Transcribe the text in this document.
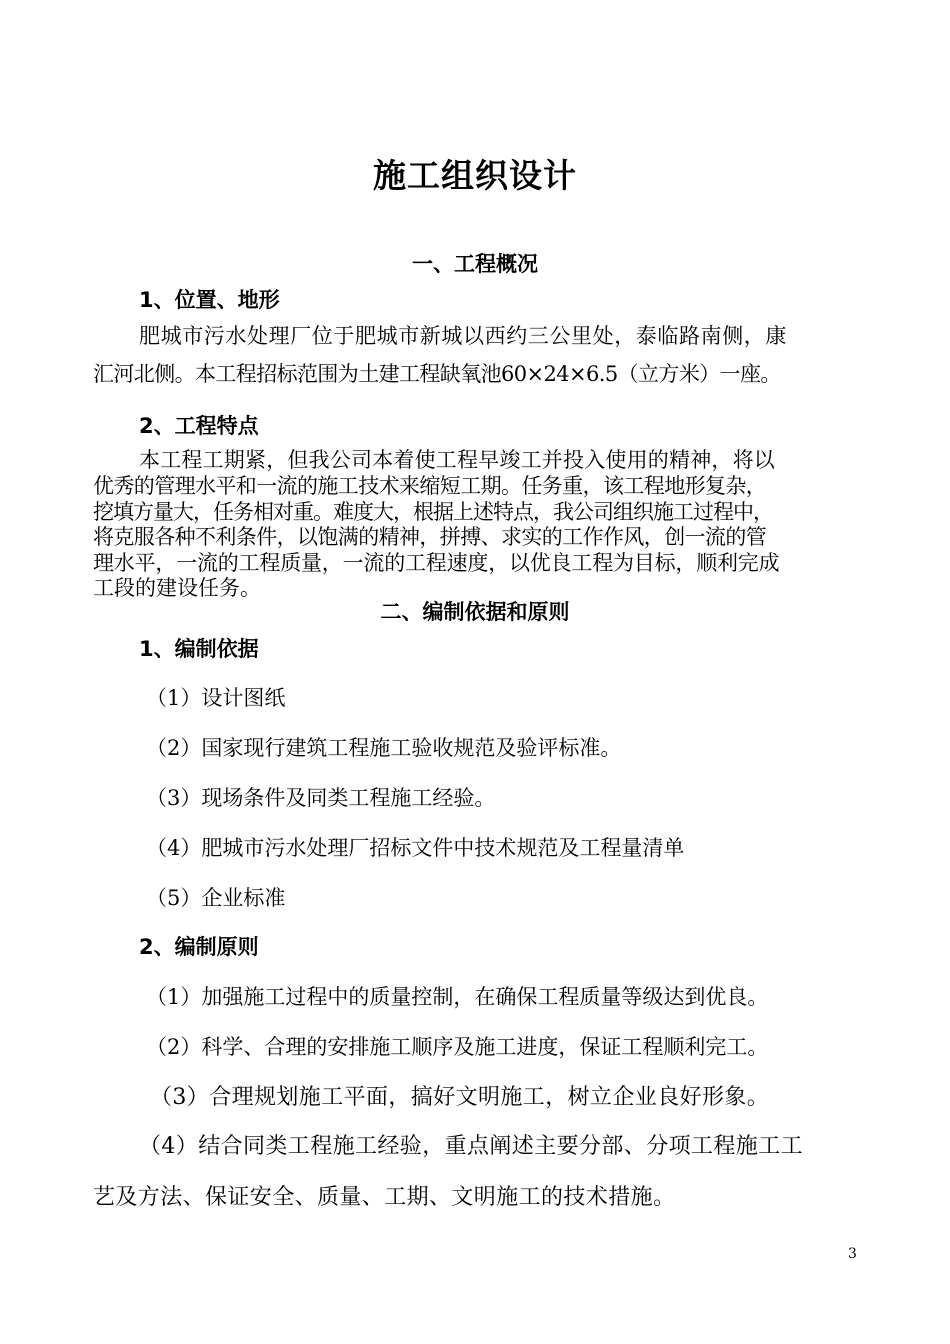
施工组织设计
一、工程概况
1、位置、地形
肥城市污水处理厂位于肥城市新城以西约三公里处，泰临路南侧，康
汇河北侧。本工程招标范围为土建工程缺氧池60×24×6.5（立方米）一座。
2、工程特点
本工程工期紧，但我公司本着使工程早竣工并投入使用的精神，将以
优秀的管理水平和一流的施工技术来缩短工期。任务重，该工程地形复杂，
挖填方量大，任务相对重。难度大，根据上述特点，我公司组织施工过程中，
将克服各种不利条件，以饱满的精神，拼搏、求实的工作作风，创一流的管
理水平，一流的工程质量，一流的工程速度，以优良工程为目标，顺利完成
工段的建设任务。
二、编制依据和原则
1、编制依据
（1）设计图纸
（2）国家现行建筑工程施工验收规范及验评标准。
（3）现场条件及同类工程施工经验。
（4）肥城市污水处理厂招标文件中技术规范及工程量清单
（5）企业标准
2、编制原则
（1）加强施工过程中的质量控制，在确保工程质量等级达到优良。
（2）科学、合理的安排施工顺序及施工进度，保证工程顺利完工。
（3）合理规划施工平面，搞好文明施工，树立企业良好形象。
（4）结合同类工程施工经验，重点阐述主要分部、分项工程施工工
艺及方法、保证安全、质量、工期、文明施工的技术措施。
3
